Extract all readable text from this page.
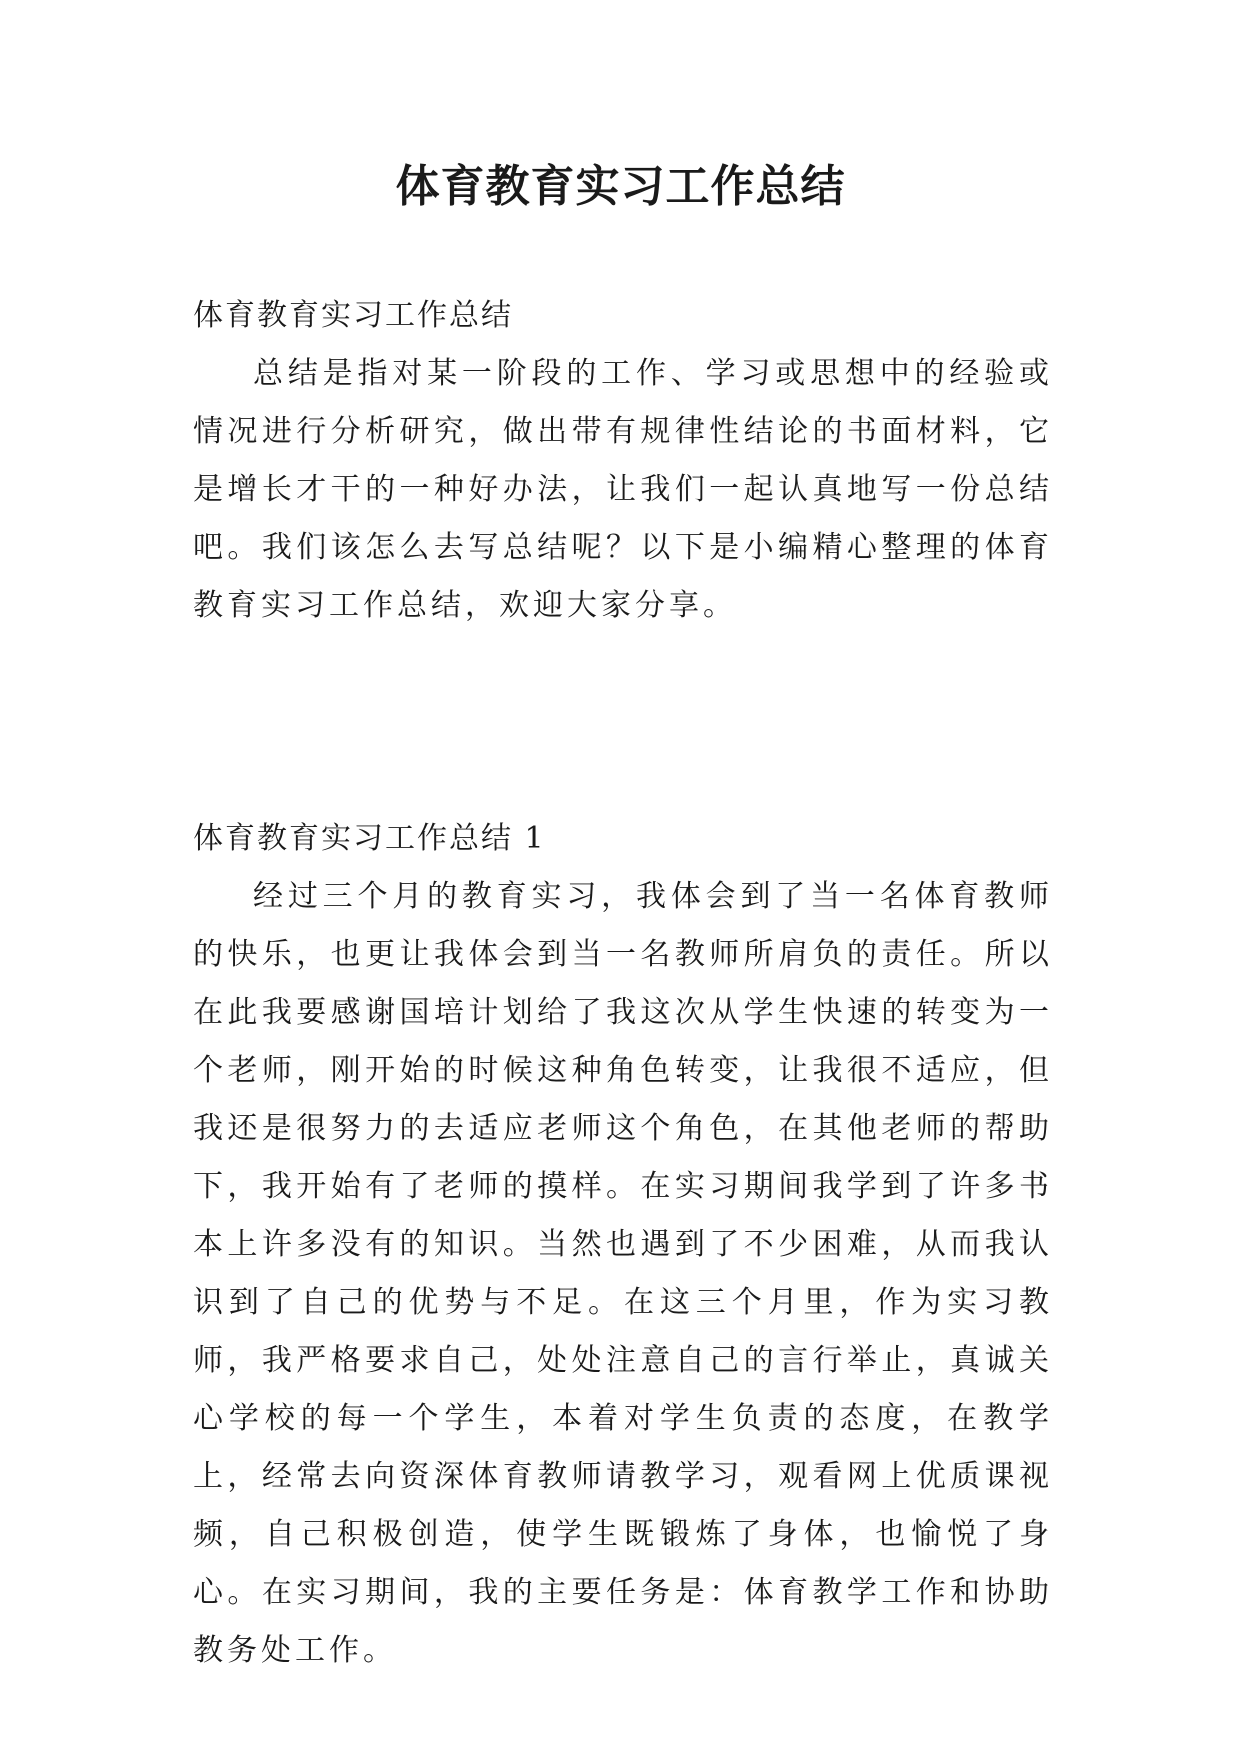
体育教育实习工作总结

体育教育实习工作总结

总结是指对某一阶段的工作、学习或思想中的经验或情况进行分析研究，做出带有规律性结论的书面材料，它是增长才干的一种好办法，让我们一起认真地写一份总结吧。我们该怎么去写总结呢？以下是小编精心整理的体育教育实习工作总结，欢迎大家分享。

体育教育实习工作总结 1

经过三个月的教育实习，我体会到了当一名体育教师的快乐，也更让我体会到当一名教师所肩负的责任。所以在此我要感谢国培计划给了我这次从学生快速的转变为一个老师，刚开始的时候这种角色转变，让我很不适应，但我还是很努力的去适应老师这个角色，在其他老师的帮助下，我开始有了老师的摸样。在实习期间我学到了许多书本上许多没有的知识。当然也遇到了不少困难，从而我认识到了自己的优势与不足。在这三个月里，作为实习教师，我严格要求自己，处处注意自己的言行举止，真诚关心学校的每一个学生，本着对学生负责的态度，在教学上，经常去向资深体育教师请教学习，观看网上优质课视频，自己积极创造，使学生既锻炼了身体，也愉悦了身心。在实习期间，我的主要任务是：体育教学工作和协助教务处工作。
